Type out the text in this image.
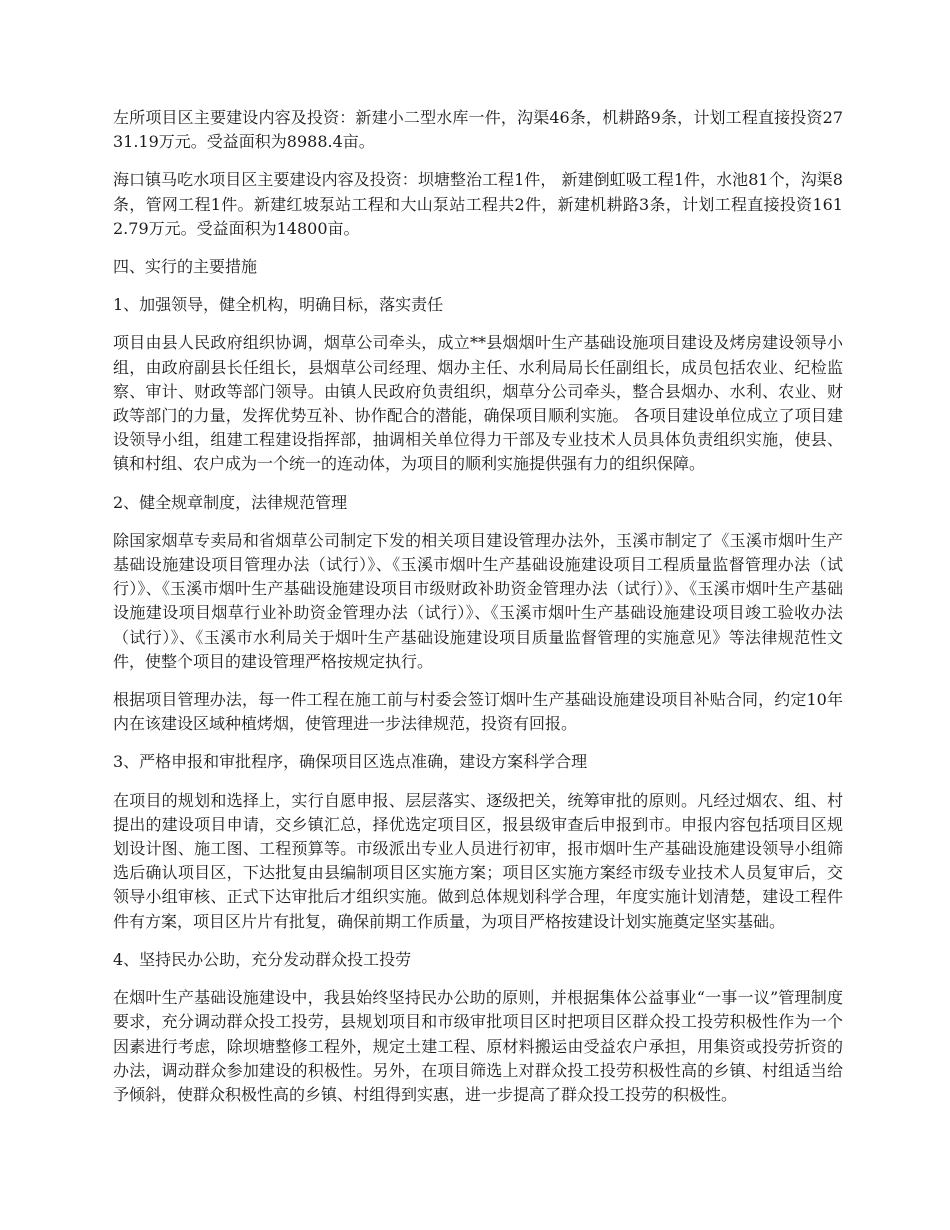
左所项目区主要建设内容及投资：新建小二型水库一件，沟渠46条，机耕路9条，计划工程直接投资2731.19万元。受益面积为8988.4亩。

海口镇马吃水项目区主要建设内容及投资：坝塘整治工程1件， 新建倒虹吸工程1件，水池81个，沟渠8条，管网工程1件。新建红坡泵站工程和大山泵站工程共2件，新建机耕路3条，计划工程直接投资1612.79万元。受益面积为14800亩。

四、实行的主要措施

1、加强领导，健全机构，明确目标，落实责任

项目由县人民政府组织协调，烟草公司牵头，成立**县烟烟叶生产基础设施项目建设及烤房建设领导小组，由政府副县长任组长，县烟草公司经理、烟办主任、水利局局长任副组长，成员包括农业、纪检监察、审计、财政等部门领导。由镇人民政府负责组织，烟草分公司牵头，整合县烟办、水利、农业、财政等部门的力量，发挥优势互补、协作配合的潜能，确保项目顺利实施。 各项目建设单位成立了项目建设领导小组，组建工程建设指挥部，抽调相关单位得力干部及专业技术人员具体负责组织实施，使县、镇和村组、农户成为一个统一的连动体，为项目的顺利实施提供强有力的组织保障。

2、健全规章制度，法律规范管理

除国家烟草专卖局和省烟草公司制定下发的相关项目建设管理办法外，玉溪市制定了《玉溪市烟叶生产基础设施建设项目管理办法（试行）》、《玉溪市烟叶生产基础设施建设项目工程质量监督管理办法（试行）》、《玉溪市烟叶生产基础设施建设项目市级财政补助资金管理办法（试行）》、《玉溪市烟叶生产基础设施建设项目烟草行业补助资金管理办法（试行）》、《玉溪市烟叶生产基础设施建设项目竣工验收办法（试行）》、《玉溪市水利局关于烟叶生产基础设施建设项目质量监督管理的实施意见》等法律规范性文件，使整个项目的建设管理严格按规定执行。

根据项目管理办法，每一件工程在施工前与村委会签订烟叶生产基础设施建设项目补贴合同，约定10年内在该建设区域种植烤烟，使管理进一步法律规范，投资有回报。

3、严格申报和审批程序，确保项目区选点准确，建设方案科学合理

在项目的规划和选择上，实行自愿申报、层层落实、逐级把关，统筹审批的原则。凡经过烟农、组、村提出的建设项目申请，交乡镇汇总，择优选定项目区，报县级审查后申报到市。申报内容包括项目区规划设计图、施工图、工程预算等。市级派出专业人员进行初审，报市烟叶生产基础设施建设领导小组筛选后确认项目区，下达批复由县编制项目区实施方案；项目区实施方案经市级专业技术人员复审后，交领导小组审核、正式下达审批后才组织实施。做到总体规划科学合理，年度实施计划清楚，建设工程件件有方案，项目区片片有批复，确保前期工作质量，为项目严格按建设计划实施奠定坚实基础。

4、坚持民办公助，充分发动群众投工投劳

在烟叶生产基础设施建设中，我县始终坚持民办公助的原则，并根据集体公益事业“一事一议”管理制度要求，充分调动群众投工投劳，县规划项目和市级审批项目区时把项目区群众投工投劳积极性作为一个因素进行考虑，除坝塘整修工程外，规定土建工程、原材料搬运由受益农户承担，用集资或投劳折资的办法，调动群众参加建设的积极性。另外，在项目筛选上对群众投工投劳积极性高的乡镇、村组适当给予倾斜，使群众积极性高的乡镇、村组得到实惠，进一步提高了群众投工投劳的积极性。
